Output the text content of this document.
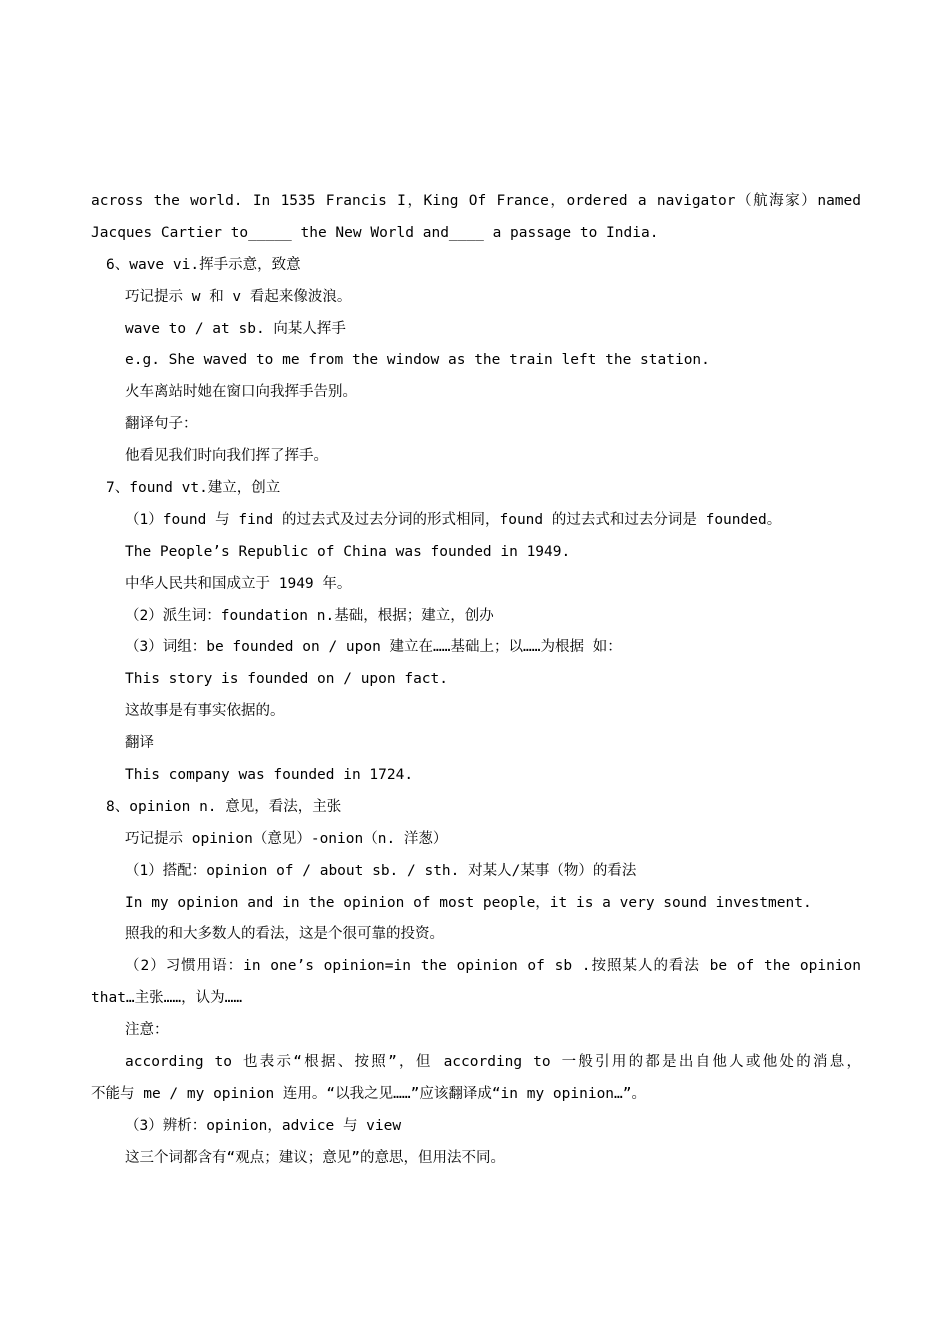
across the world. In 1535 Francis I，King Of France，ordered a navigator（航海家）named
Jacques Cartier to_____ the New World and____ a passage to India.
6、wave vi.挥手示意，致意
巧记提示 w 和 v 看起来像波浪。
wave to / at sb. 向某人挥手
e.g. She waved to me from the window as the train left the station.
火车离站时她在窗口向我挥手告别。
翻译句子：
他看见我们时向我们挥了挥手。
7、found vt.建立，创立
（1）found 与 find 的过去式及过去分词的形式相同，found 的过去式和过去分词是 founded。
The People’s Republic of China was founded in 1949.
中华人民共和国成立于 1949 年。
（2）派生词：foundation n.基础，根据；建立，创办
（3）词组：be founded on / upon 建立在……基础上；以……为根据 如：
This story is founded on / upon fact.
这故事是有事实依据的。
翻译
This company was founded in 1724.
8、opinion n. 意见，看法，主张
巧记提示 opinion（意见）-onion（n. 洋葱）
（1）搭配：opinion of / about sb. / sth. 对某人/某事（物）的看法
In my opinion and in the opinion of most people，it is a very sound investment.
照我的和大多数人的看法，这是个很可靠的投资。
（2）习惯用语：in one’s opinion=in the opinion of sb .按照某人的看法 be of the opinion
that…主张……，认为……
注意：
according to 也表示“根据、按照”，但 according to 一般引用的都是出自他人或他处的消息，
不能与 me / my opinion 连用。“以我之见……”应该翻译成“in my opinion…”。
（3）辨析：opinion，advice 与 view
这三个词都含有“观点；建议；意见”的意思，但用法不同。
